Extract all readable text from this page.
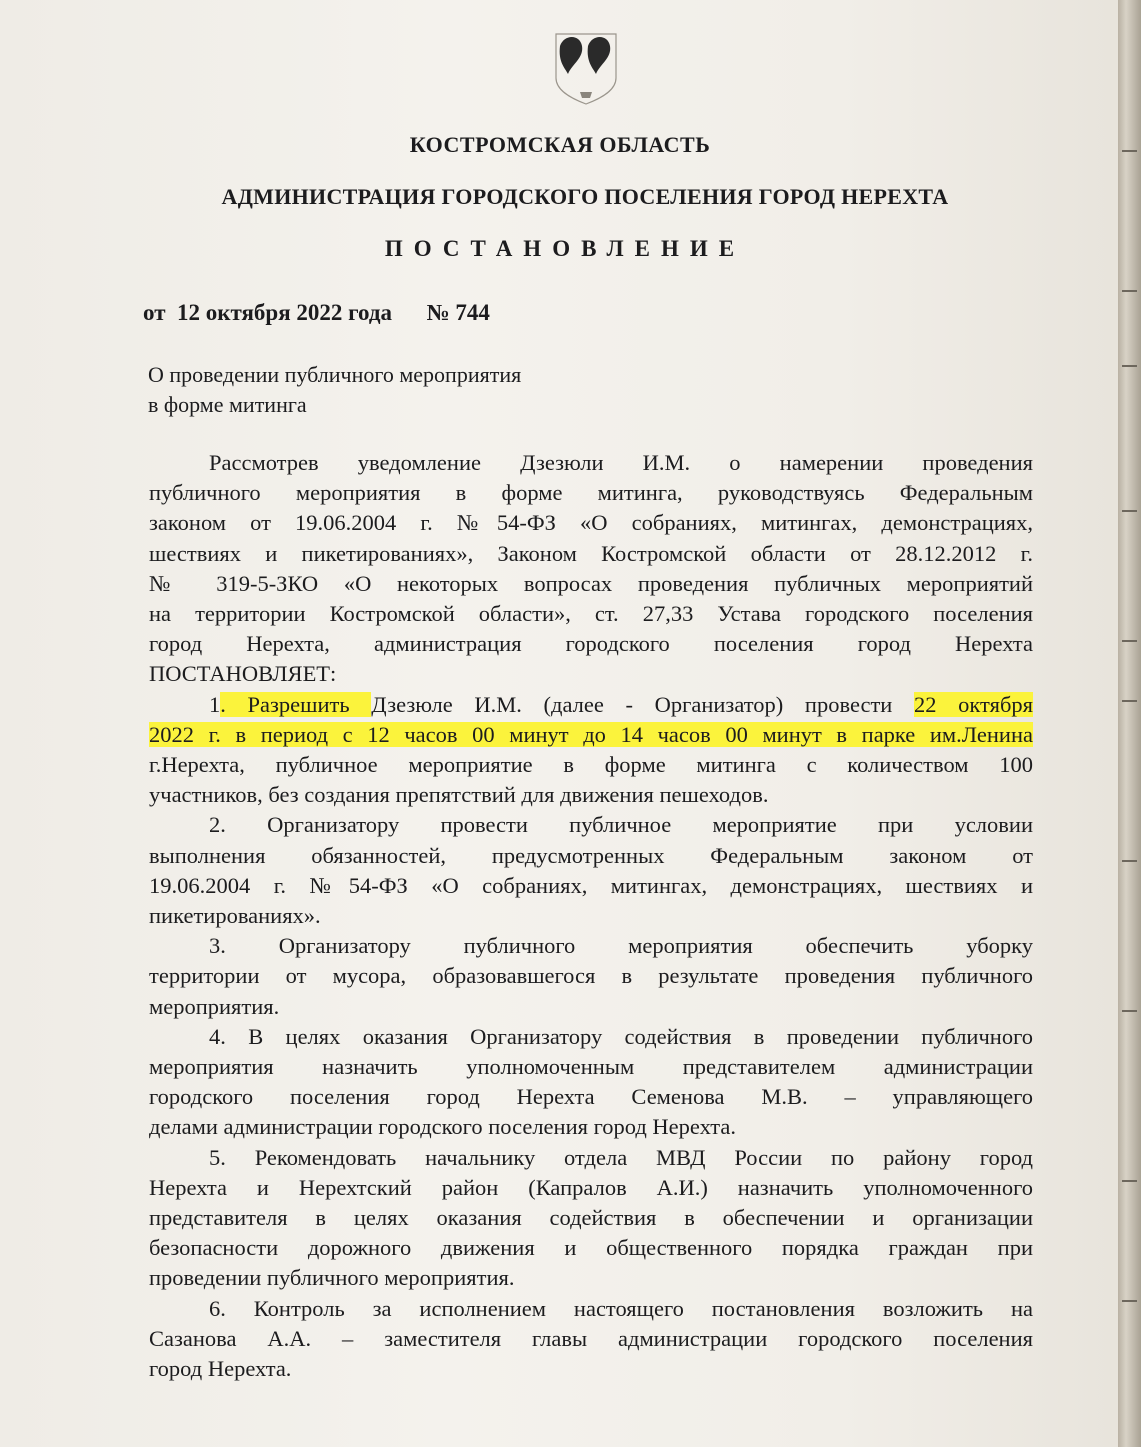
КОСТРОМСКАЯ ОБЛАСТЬ
АДМИНИСТРАЦИЯ ГОРОДСКОГО ПОСЕЛЕНИЯ ГОРОД НЕРЕХТА
ПОСТАНОВЛЕНИЕ
от  12 октября 2022 года      № 744
О проведении публичного мероприятия
в форме митинга
Рассмотрев уведомление Дзезюли И.М. о намерении проведения
публичного мероприятия в форме митинга, руководствуясь Федеральным
законом от 19.06.2004 г. №54-ФЗ «О собраниях, митингах, демонстрациях,
шествиях и пикетированиях», Законом Костромской области от 28.12.2012 г.
№ 319-5-ЗКО «О некоторых вопросах проведения публичных мероприятий
на территории Костромской области», ст. 27,33 Устава городского поселения
город Нерехта, администрация городского поселения город Нерехта
ПОСТАНОВЛЯЕТ:
1. Разрешить Дзезюле И.М. (далее - Организатор) провести 22 октября
2022 г. в период с 12 часов 00 минут до 14 часов 00 минут в парке им.Ленина
г.Нерехта, публичное мероприятие в форме митинга с количеством 100
участников, без создания препятствий для движения пешеходов.
2. Организатору провести публичное мероприятие при условии
выполнения обязанностей, предусмотренных Федеральным законом от
19.06.2004 г. №54-ФЗ «О собраниях, митингах, демонстрациях, шествиях и
пикетированиях».
3. Организатору публичного мероприятия обеспечить уборку
территории от мусора, образовавшегося в результате проведения публичного
мероприятия.
4. В целях оказания Организатору содействия в проведении публичного
мероприятия назначить уполномоченным представителем администрации
городского поселения город Нерехта Семенова М.В. – управляющего
делами администрации городского поселения город Нерехта.
5. Рекомендовать начальнику отдела МВД России по району город
Нерехта и Нерехтский район (Капралов А.И.) назначить уполномоченного
представителя в целях оказания содействия в обеспечении и организации
безопасности дорожного движения и общественного порядка граждан при
проведении публичного мероприятия.
6. Контроль за исполнением настоящего постановления возложить на
Сазанова А.А. – заместителя главы администрации городского поселения
город Нерехта.
